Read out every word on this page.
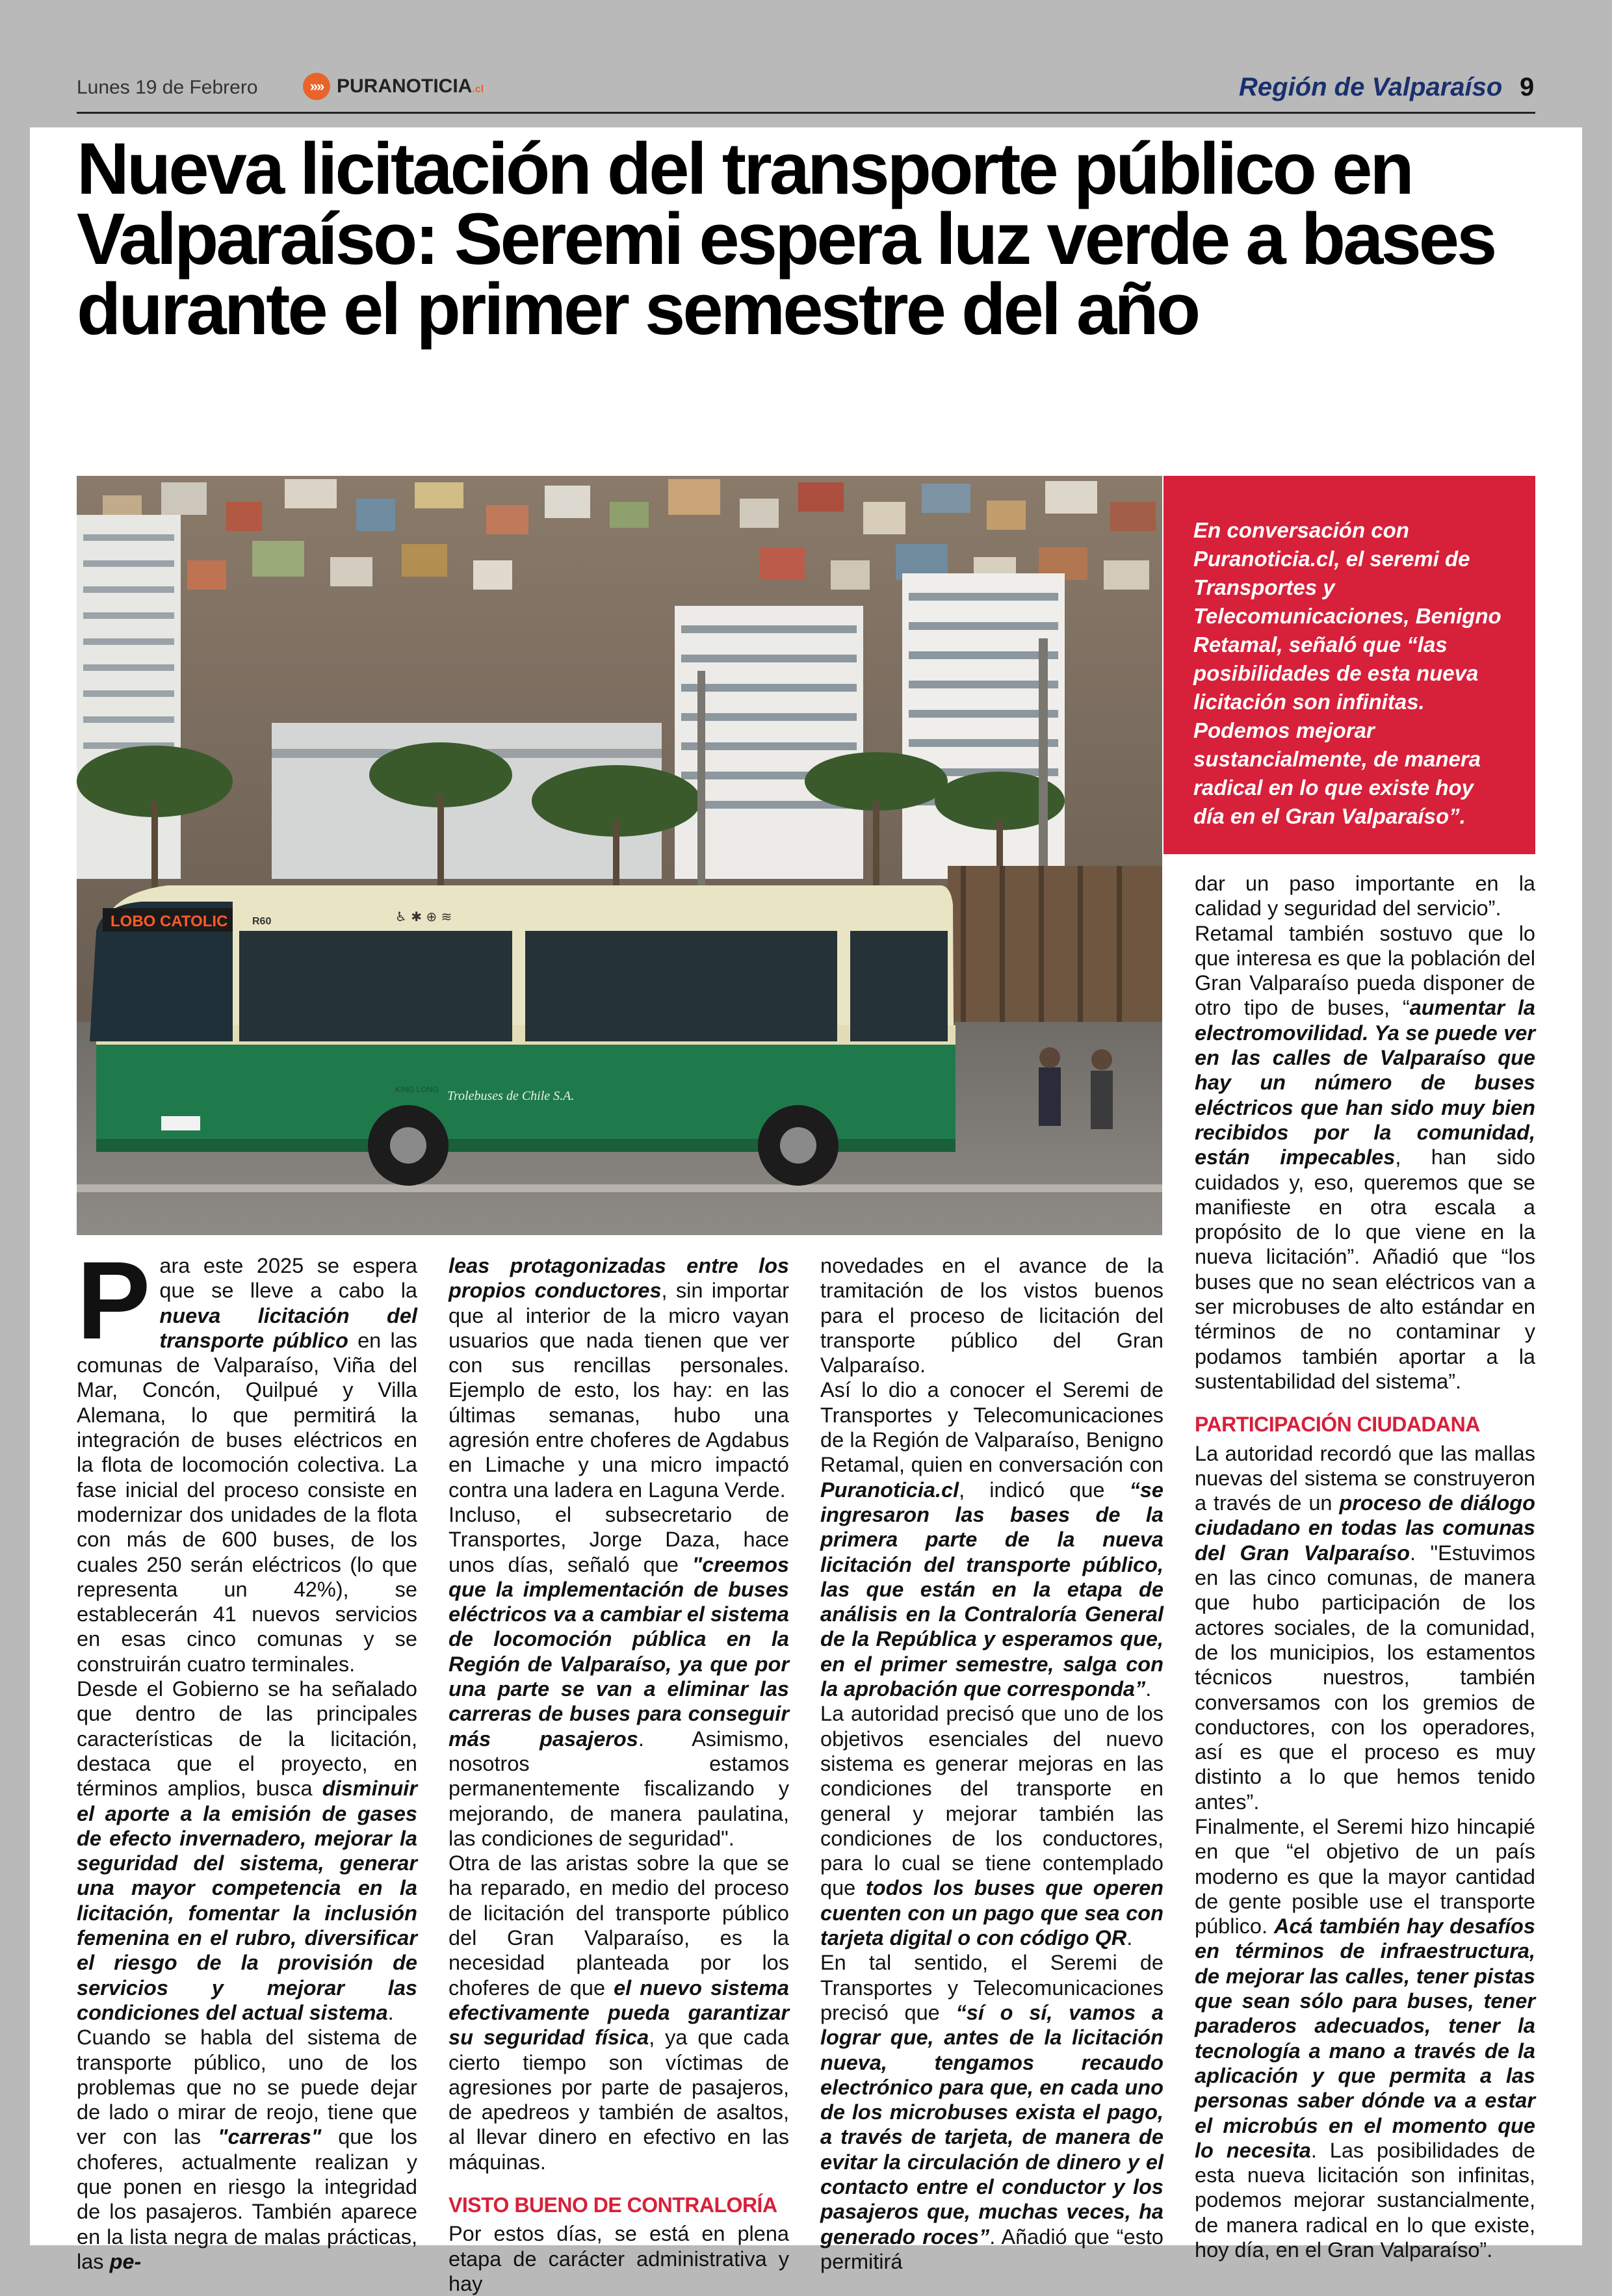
Lunes 19 de Febrero	»» PURANOTICIA.cl	Región de Valparaíso 9
Nueva licitación del transporte público en Valparaíso: Seremi espera luz verde a bases durante el primer semestre del año
LOBO CATOLIC R60	♿ ✱ ⊕ ≋
KING LONG Trolebuses de Chile S.A.
En conversación con Puranoticia.cl, el seremi de Transportes y Telecomunicaciones, Benigno Retamal, señaló que “las posibilidades de esta nueva licitación son infinitas. Podemos mejorar sustancialmente, de manera radical en lo que existe hoy día en el Gran Valparaíso”.

Para este 2025 se espera que se lleve a cabo la nueva licitación del transporte público en las comunas de Valparaíso, Viña del Mar, Concón, Quilpué y Villa Alemana, lo que permitirá la integración de buses eléctricos en la flota de locomoción colectiva. La fase inicial del proceso consiste en modernizar dos unidades de la flota con más de 600 buses, de los cuales 250 serán eléctricos (lo que representa un 42%), se establecerán 41 nuevos servicios en esas cinco comunas y se construirán cuatro terminales.

Desde el Gobierno se ha señalado que dentro de las principales características de la licitación, destaca que el proyecto, en términos amplios, busca disminuir el aporte a la emisión de gases de efecto invernadero, mejorar la seguridad del sistema, generar una mayor competencia en la licitación, fomentar la inclusión femenina en el rubro, diversificar el riesgo de la provisión de servicios y mejorar las condiciones del actual sistema.

Cuando se habla del sistema de transporte público, uno de los problemas que no se puede dejar de lado o mirar de reojo, tiene que ver con las "carreras" que los choferes, actualmente realizan y que ponen en riesgo la integridad de los pasajeros. También aparece en la lista negra de malas prácticas, las pe-

leas protagonizadas entre los propios conductores, sin importar que al interior de la micro vayan usuarios que nada tienen que ver con sus rencillas personales. Ejemplo de esto, los hay: en las últimas semanas, hubo una agresión entre choferes de Agdabus en Limache y una micro impactó contra una ladera en Laguna Verde.

Incluso, el subsecretario de Transportes, Jorge Daza, hace unos días, señaló que "creemos que la implementación de buses eléctricos va a cambiar el sistema de locomoción pública en la Región de Valparaíso, ya que por una parte se van a eliminar las carreras de buses para conseguir más pasajeros. Asimismo, nosotros estamos permanentemente fiscalizando y mejorando, de manera paulatina, las condiciones de seguridad".

Otra de las aristas sobre la que se ha reparado, en medio del proceso de licitación del transporte público del Gran Valparaíso, es la necesidad planteada por los choferes de que el nuevo sistema efectivamente pueda garantizar su seguridad física, ya que cada cierto tiempo son víctimas de agresiones por parte de pasajeros, de apedreos y también de asaltos, al llevar dinero en efectivo en las máquinas.

VISTO BUENO DE CONTRALORÍA

Por estos días, se está en plena etapa de carácter administrativa y hay

novedades en el avance de la tramitación de los vistos buenos para el proceso de licitación del transporte público del Gran Valparaíso.

Así lo dio a conocer el Seremi de Transportes y Telecomunicaciones de la Región de Valparaíso, Benigno Retamal, quien en conversación con Puranoticia.cl, indicó que “se ingresaron las bases de la primera parte de la nueva licitación del transporte público, las que están en la etapa de análisis en la Contraloría General de la República y esperamos que, en el primer semestre, salga con la aprobación que corresponda”.

La autoridad precisó que uno de los objetivos esenciales del nuevo sistema es generar mejoras en las condiciones del transporte en general y mejorar también las condiciones de los conductores, para lo cual se tiene contemplado que todos los buses que operen cuenten con un pago que sea con tarjeta digital o con código QR.

En tal sentido, el Seremi de Transportes y Telecomunicaciones precisó que “sí o sí, vamos a lograr que, antes de la licitación nueva, tengamos recaudo electrónico para que, en cada uno de los microbuses exista el pago, a través de tarjeta, de manera de evitar la circulación de dinero y el contacto entre el conductor y los pasajeros que, muchas veces, ha generado roces”. Añadió que “esto permitirá

dar un paso importante en la calidad y seguridad del servicio”.

Retamal también sostuvo que lo que interesa es que la población del Gran Valparaíso pueda disponer de otro tipo de buses, “aumentar la electromovilidad. Ya se puede ver en las calles de Valparaíso que hay un número de buses eléctricos que han sido muy bien recibidos por la comunidad, están impecables, han sido cuidados y, eso, queremos que se manifieste en otra escala a propósito de lo que viene en la nueva licitación”. Añadió que “los buses que no sean eléctricos van a ser microbuses de alto estándar en términos de no contaminar y podamos también aportar a la sustentabilidad del sistema”.

PARTICIPACIÓN CIUDADANA

La autoridad recordó que las mallas nuevas del sistema se construyeron a través de un proceso de diálogo ciudadano en todas las comunas del Gran Valparaíso. "Estuvimos en las cinco comunas, de manera que hubo participación de los actores sociales, de la comunidad, de los municipios, los estamentos técnicos nuestros, también conversamos con los gremios de conductores, con los operadores, así es que el proceso es muy distinto a lo que hemos tenido antes”.

Finalmente, el Seremi hizo hincapié en que “el objetivo de un país moderno es que la mayor cantidad de gente posible use el transporte público. Acá también hay desafíos en términos de infraestructura, de mejorar las calles, tener pistas que sean sólo para buses, tener paraderos adecuados, tener la tecnología a mano a través de la aplicación y que permita a las personas saber dónde va a estar el microbús en el momento que lo necesita. Las posibilidades de esta nueva licitación son infinitas, podemos mejorar sustancialmente, de manera radical en lo que existe, hoy día, en el Gran Valparaíso”.
